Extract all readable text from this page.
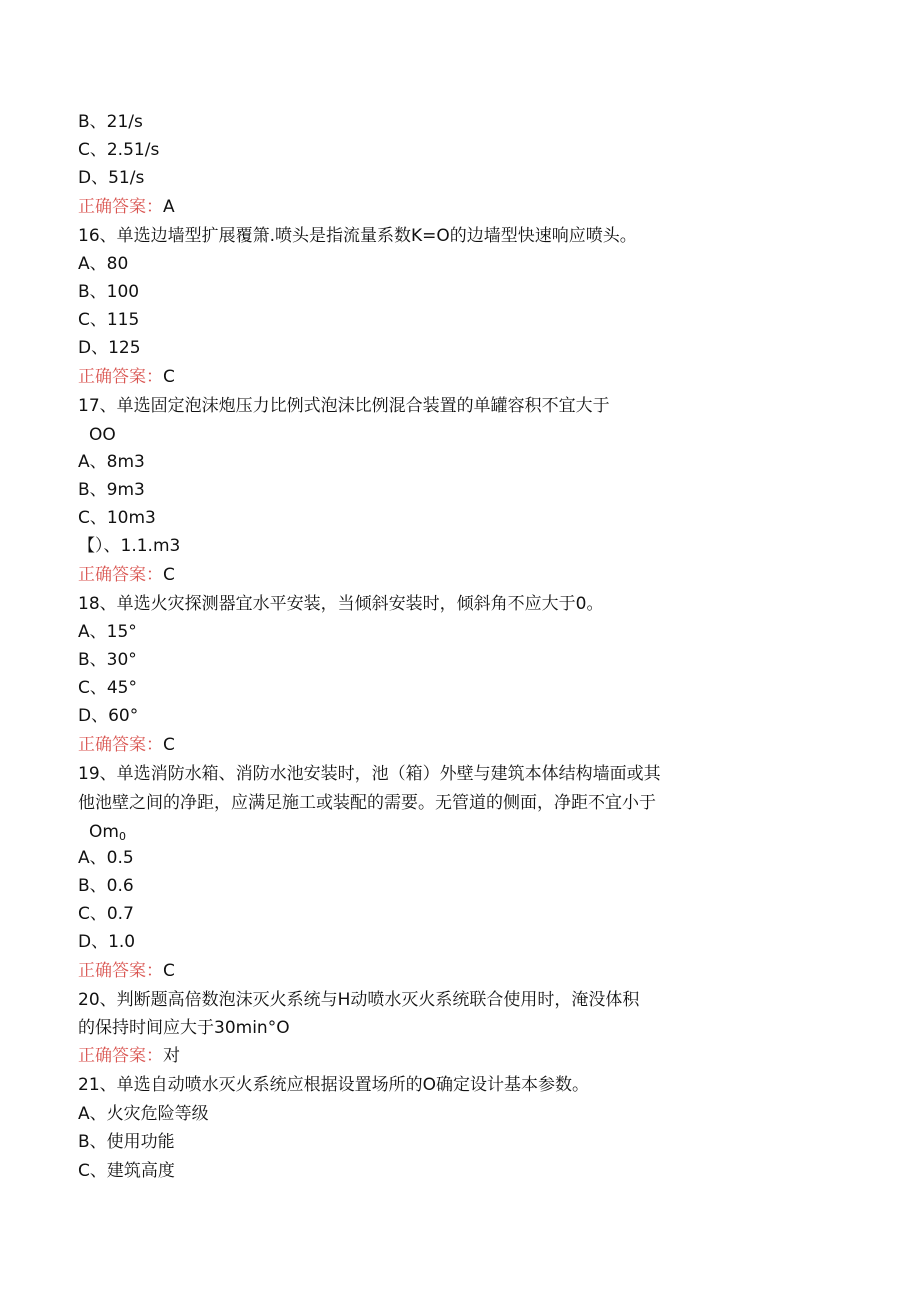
B、21/s
C、2.51/s
D、51/s
正确答案：A
16、单选边墙型扩展覆箫.喷头是指流量系数K=O的边墙型快速响应喷头。
A、80
B、100
C、115
D、125
正确答案：C
17、单选固定泡沫炮压力比例式泡沫比例混合装置的单罐容积不宜大于
OO
A、8m3
B、9m3
C、10m3
【）、1.1.m3
正确答案：C
18、单选火灾探测器宜水平安装，当倾斜安装时，倾斜角不应大于0。
A、15°
B、30°
C、45°
D、60°
正确答案：C
19、单选消防水箱、消防水池安装时，池（箱）外壁与建筑本体结构墙面或其
他池壁之间的净距，应满足施工或装配的需要。无管道的侧面，净距不宜小于
$Om_0$
A、0.5
B、0.6
C、0.7
D、1.0
正确答案：C
20、判断题高倍数泡沫灭火系统与H动喷水灭火系统联合使用时，淹没体积
的保持时间应大于30min°O
正确答案：对
21、单选自动喷水灭火系统应根据设置场所的O确定设计基本参数。
A、火灾危险等级
B、使用功能
C、建筑高度
